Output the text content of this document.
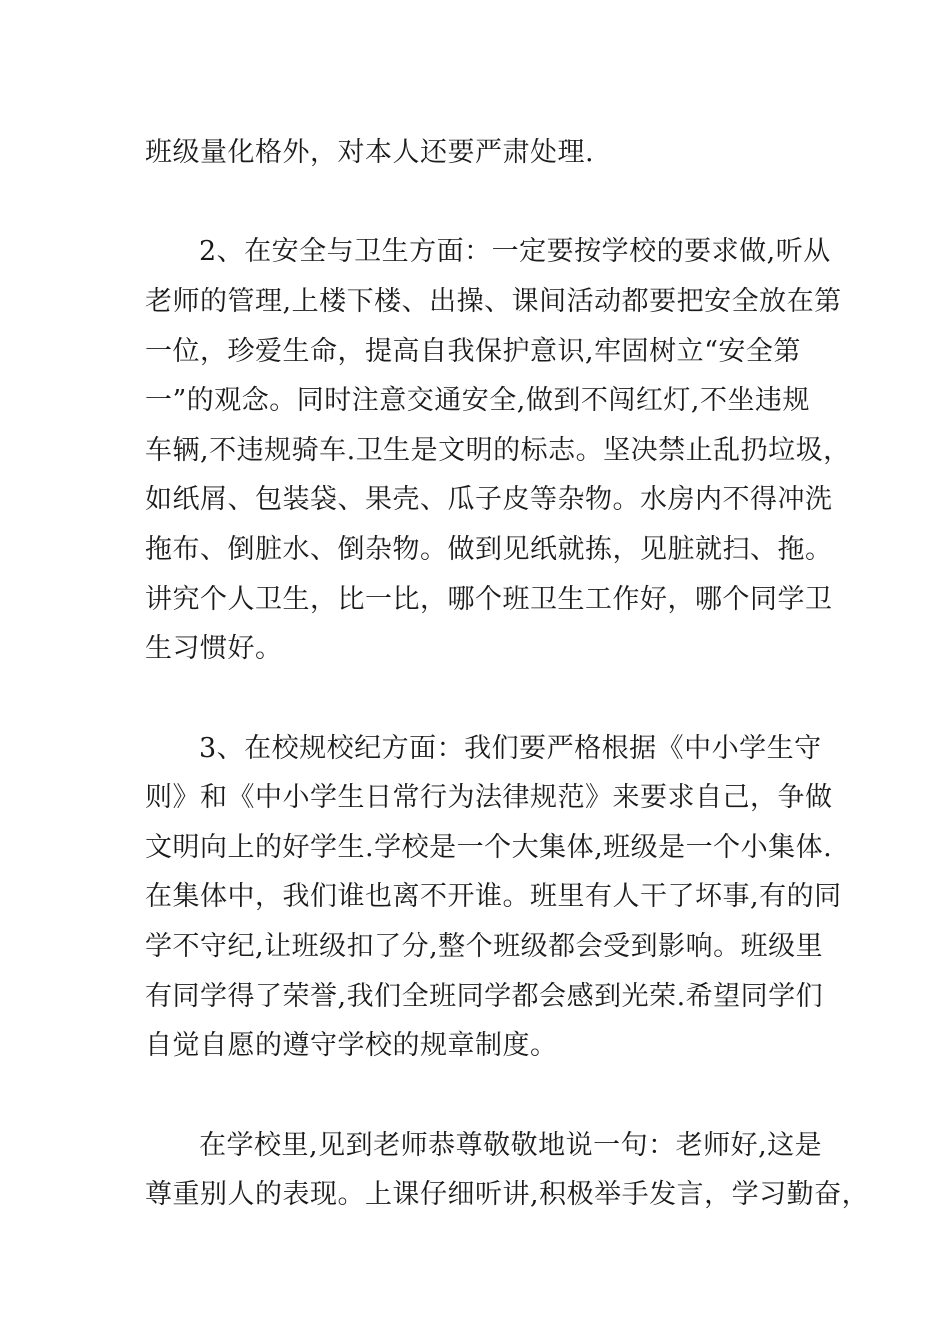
班级量化格外，对本人还要严肃处理.
2、在安全与卫生方面：一定要按学校的要求做,听从
老师的管理,上楼下楼、出操、课间活动都要把安全放在第
一位，珍爱生命，提高自我保护意识,牢固树立“安全第
一”的观念。同时注意交通安全,做到不闯红灯,不坐违规
车辆,不违规骑车.卫生是文明的标志。坚决禁止乱扔垃圾，
如纸屑、包装袋、果壳、瓜子皮等杂物。水房内不得冲洗
拖布、倒脏水、倒杂物。做到见纸就拣，见脏就扫、拖。
讲究个人卫生，比一比，哪个班卫生工作好，哪个同学卫
生习惯好。
3、在校规校纪方面：我们要严格根据《中小学生守
则》和《中小学生日常行为法律规范》来要求自己，争做
文明向上的好学生.学校是一个大集体,班级是一个小集体.
在集体中，我们谁也离不开谁。班里有人干了坏事,有的同
学不守纪,让班级扣了分,整个班级都会受到影响。班级里
有同学得了荣誉,我们全班同学都会感到光荣.希望同学们
自觉自愿的遵守学校的规章制度。
在学校里,见到老师恭尊敬敬地说一句：老师好,这是
尊重别人的表现。上课仔细听讲,积极举手发言，学习勤奋，
